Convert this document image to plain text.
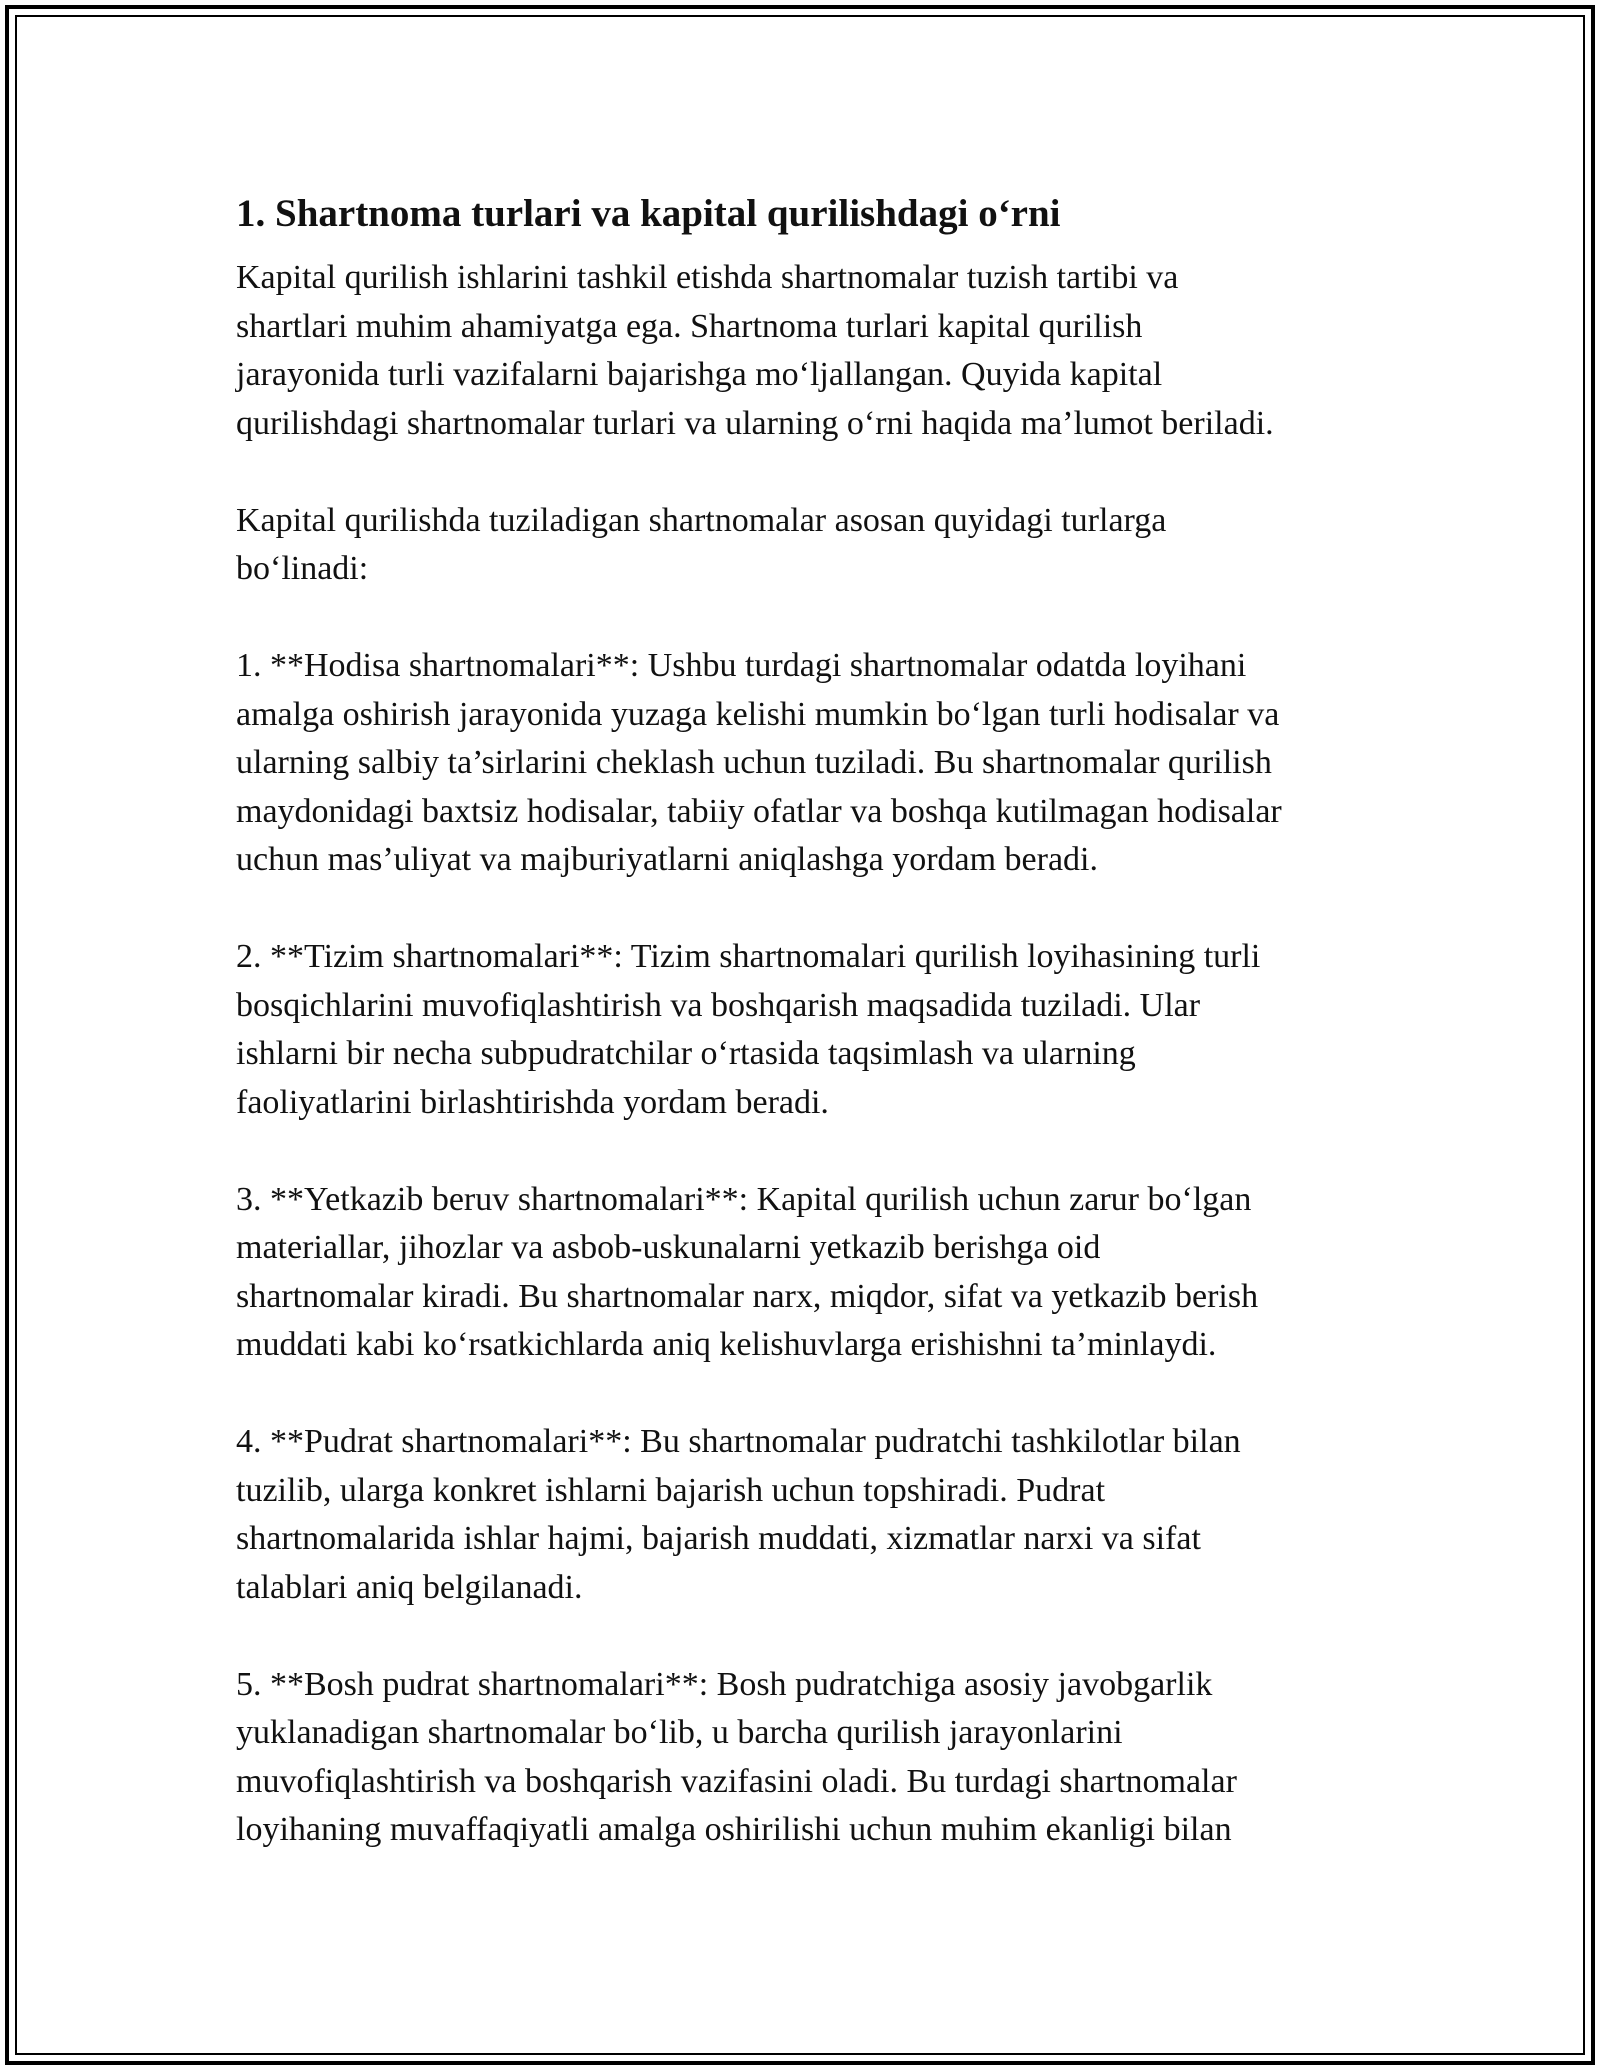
1. Shartnoma turlari va kapital qurilishdagi o‘rni
Kapital qurilish ishlarini tashkil etishda shartnomalar tuzish tartibi va
shartlari muhim ahamiyatga ega. Shartnoma turlari kapital qurilish
jarayonida turli vazifalarni bajarishga mo‘ljallangan. Quyida kapital
qurilishdagi shartnomalar turlari va ularning o‘rni haqida ma’lumot beriladi.
Kapital qurilishda tuziladigan shartnomalar asosan quyidagi turlarga
bo‘linadi:
1. **Hodisa shartnomalari**: Ushbu turdagi shartnomalar odatda loyihani
amalga oshirish jarayonida yuzaga kelishi mumkin bo‘lgan turli hodisalar va
ularning salbiy ta’sirlarini cheklash uchun tuziladi. Bu shartnomalar qurilish
maydonidagi baxtsiz hodisalar, tabiiy ofatlar va boshqa kutilmagan hodisalar
uchun mas’uliyat va majburiyatlarni aniqlashga yordam beradi.
2. **Tizim shartnomalari**: Tizim shartnomalari qurilish loyihasining turli
bosqichlarini muvofiqlashtirish va boshqarish maqsadida tuziladi. Ular
ishlarni bir necha subpudratchilar o‘rtasida taqsimlash va ularning
faoliyatlarini birlashtirishda yordam beradi.
3. **Yetkazib beruv shartnomalari**: Kapital qurilish uchun zarur bo‘lgan
materiallar, jihozlar va asbob-uskunalarni yetkazib berishga oid
shartnomalar kiradi. Bu shartnomalar narx, miqdor, sifat va yetkazib berish
muddati kabi ko‘rsatkichlarda aniq kelishuvlarga erishishni ta’minlaydi.
4. **Pudrat shartnomalari**: Bu shartnomalar pudratchi tashkilotlar bilan
tuzilib, ularga konkret ishlarni bajarish uchun topshiradi. Pudrat
shartnomalarida ishlar hajmi, bajarish muddati, xizmatlar narxi va sifat
talablari aniq belgilanadi.
5. **Bosh pudrat shartnomalari**: Bosh pudratchiga asosiy javobgarlik
yuklanadigan shartnomalar bo‘lib, u barcha qurilish jarayonlarini
muvofiqlashtirish va boshqarish vazifasini oladi. Bu turdagi shartnomalar
loyihaning muvaffaqiyatli amalga oshirilishi uchun muhim ekanligi bilan
